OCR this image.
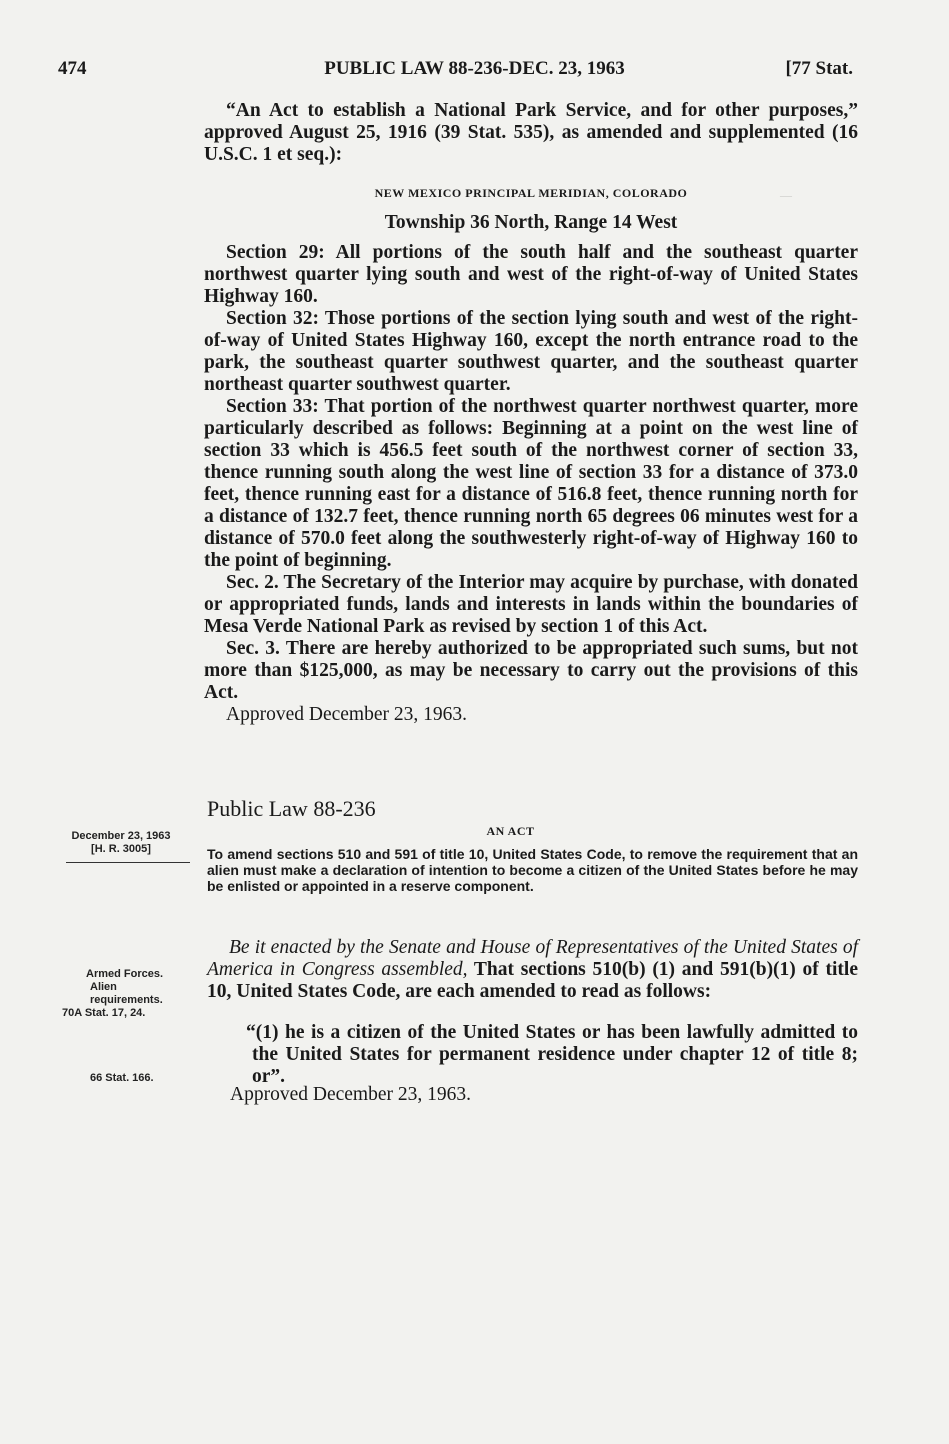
474	PUBLIC LAW 88-236-DEC. 23, 1963	[77 Stat.
—

“An Act to establish a National Park Service, and for other purposes,” approved August 25, 1916 (39 Stat. 535), as amended and supplemented (16 U.S.C. 1 et seq.):

NEW MEXICO PRINCIPAL MERIDIAN, COLORADO

Township 36 North, Range 14 West

Section 29: All portions of the south half and the southeast quarter northwest quarter lying south and west of the right-of-way of United States Highway 160.

Section 32: Those portions of the section lying south and west of the right-of-way of United States Highway 160, except the north entrance road to the park, the southeast quarter southwest quarter, and the southeast quarter northeast quarter southwest quarter.

Section 33: That portion of the northwest quarter northwest quarter, more particularly described as follows: Beginning at a point on the west line of section 33 which is 456.5 feet south of the northwest corner of section 33, thence running south along the west line of section 33 for a distance of 373.0 feet, thence running east for a distance of 516.8 feet, thence running north for a distance of 132.7 feet, thence running north 65 degrees 06 minutes west for a distance of 570.0 feet along the southwesterly right-of-way of Highway 160 to the point of beginning.

Sec. 2. The Secretary of the Interior may acquire by purchase, with donated or appropriated funds, lands and interests in lands within the boundaries of Mesa Verde National Park as revised by section 1 of this Act.

Sec. 3. There are hereby authorized to be appropriated such sums, but not more than $125,000, as may be necessary to carry out the provisions of this Act.

Approved December 23, 1963.

Public Law 88-236
AN ACT
December 23, 1963
[H. R. 3005]	To amend sections 510 and 591 of title 10, United States Code, to remove the requirement that an alien must make a declaration of intention to become a citizen of the United States before he may be enlisted or appointed in a reserve component.

Be it enacted by the Senate and House of Representatives of the United States of America in Congress assembled, That sections 510(b) (1) and 591(b)(1) of title 10, United States Code, are each amended to read as follows:

“(1) he is a citizen of the United States or has been lawfully admitted to the United States for permanent residence under chapter 12 of title 8; or”.
Approved December 23, 1963.
Armed Forces.
Alien requirements.
70A Stat. 17, 24.
66 Stat. 166.
